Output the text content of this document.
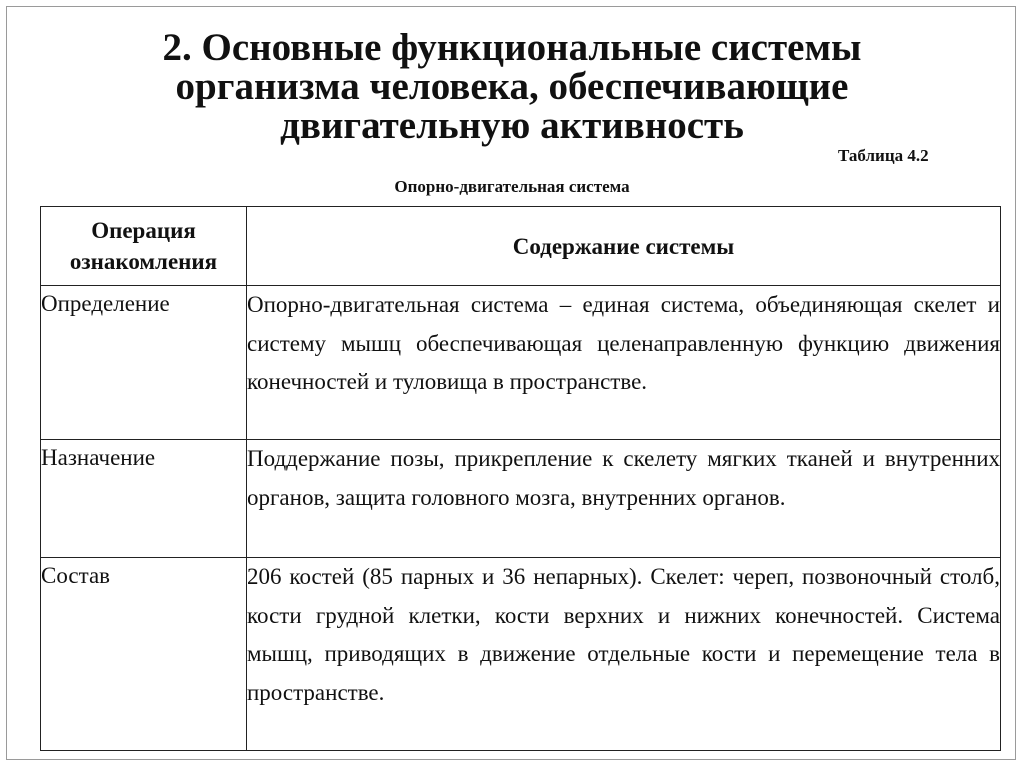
2. Основные функциональные системы
организма человека, обеспечивающие
двигательную активность
Таблица 4.2
Опорно-двигательная система
Операция
ознакомления	Содержание системы
Определение	Опорно-двигательная система – единая система, объединяющая скелет и систему мышц обеспечивающая целенаправленную функцию движения конечностей и туловища в пространстве.
Назначение	Поддержание позы, прикрепление к скелету мягких тканей и внутренних органов, защита головного мозга, внутренних органов.
Состав	206 костей (85 парных и 36 непарных). Скелет: череп, позвоночный столб, кости грудной клетки, кости верхних и нижних конечностей. Система мышц, приводящих в движение отдельные кости и перемещение тела в пространстве.
